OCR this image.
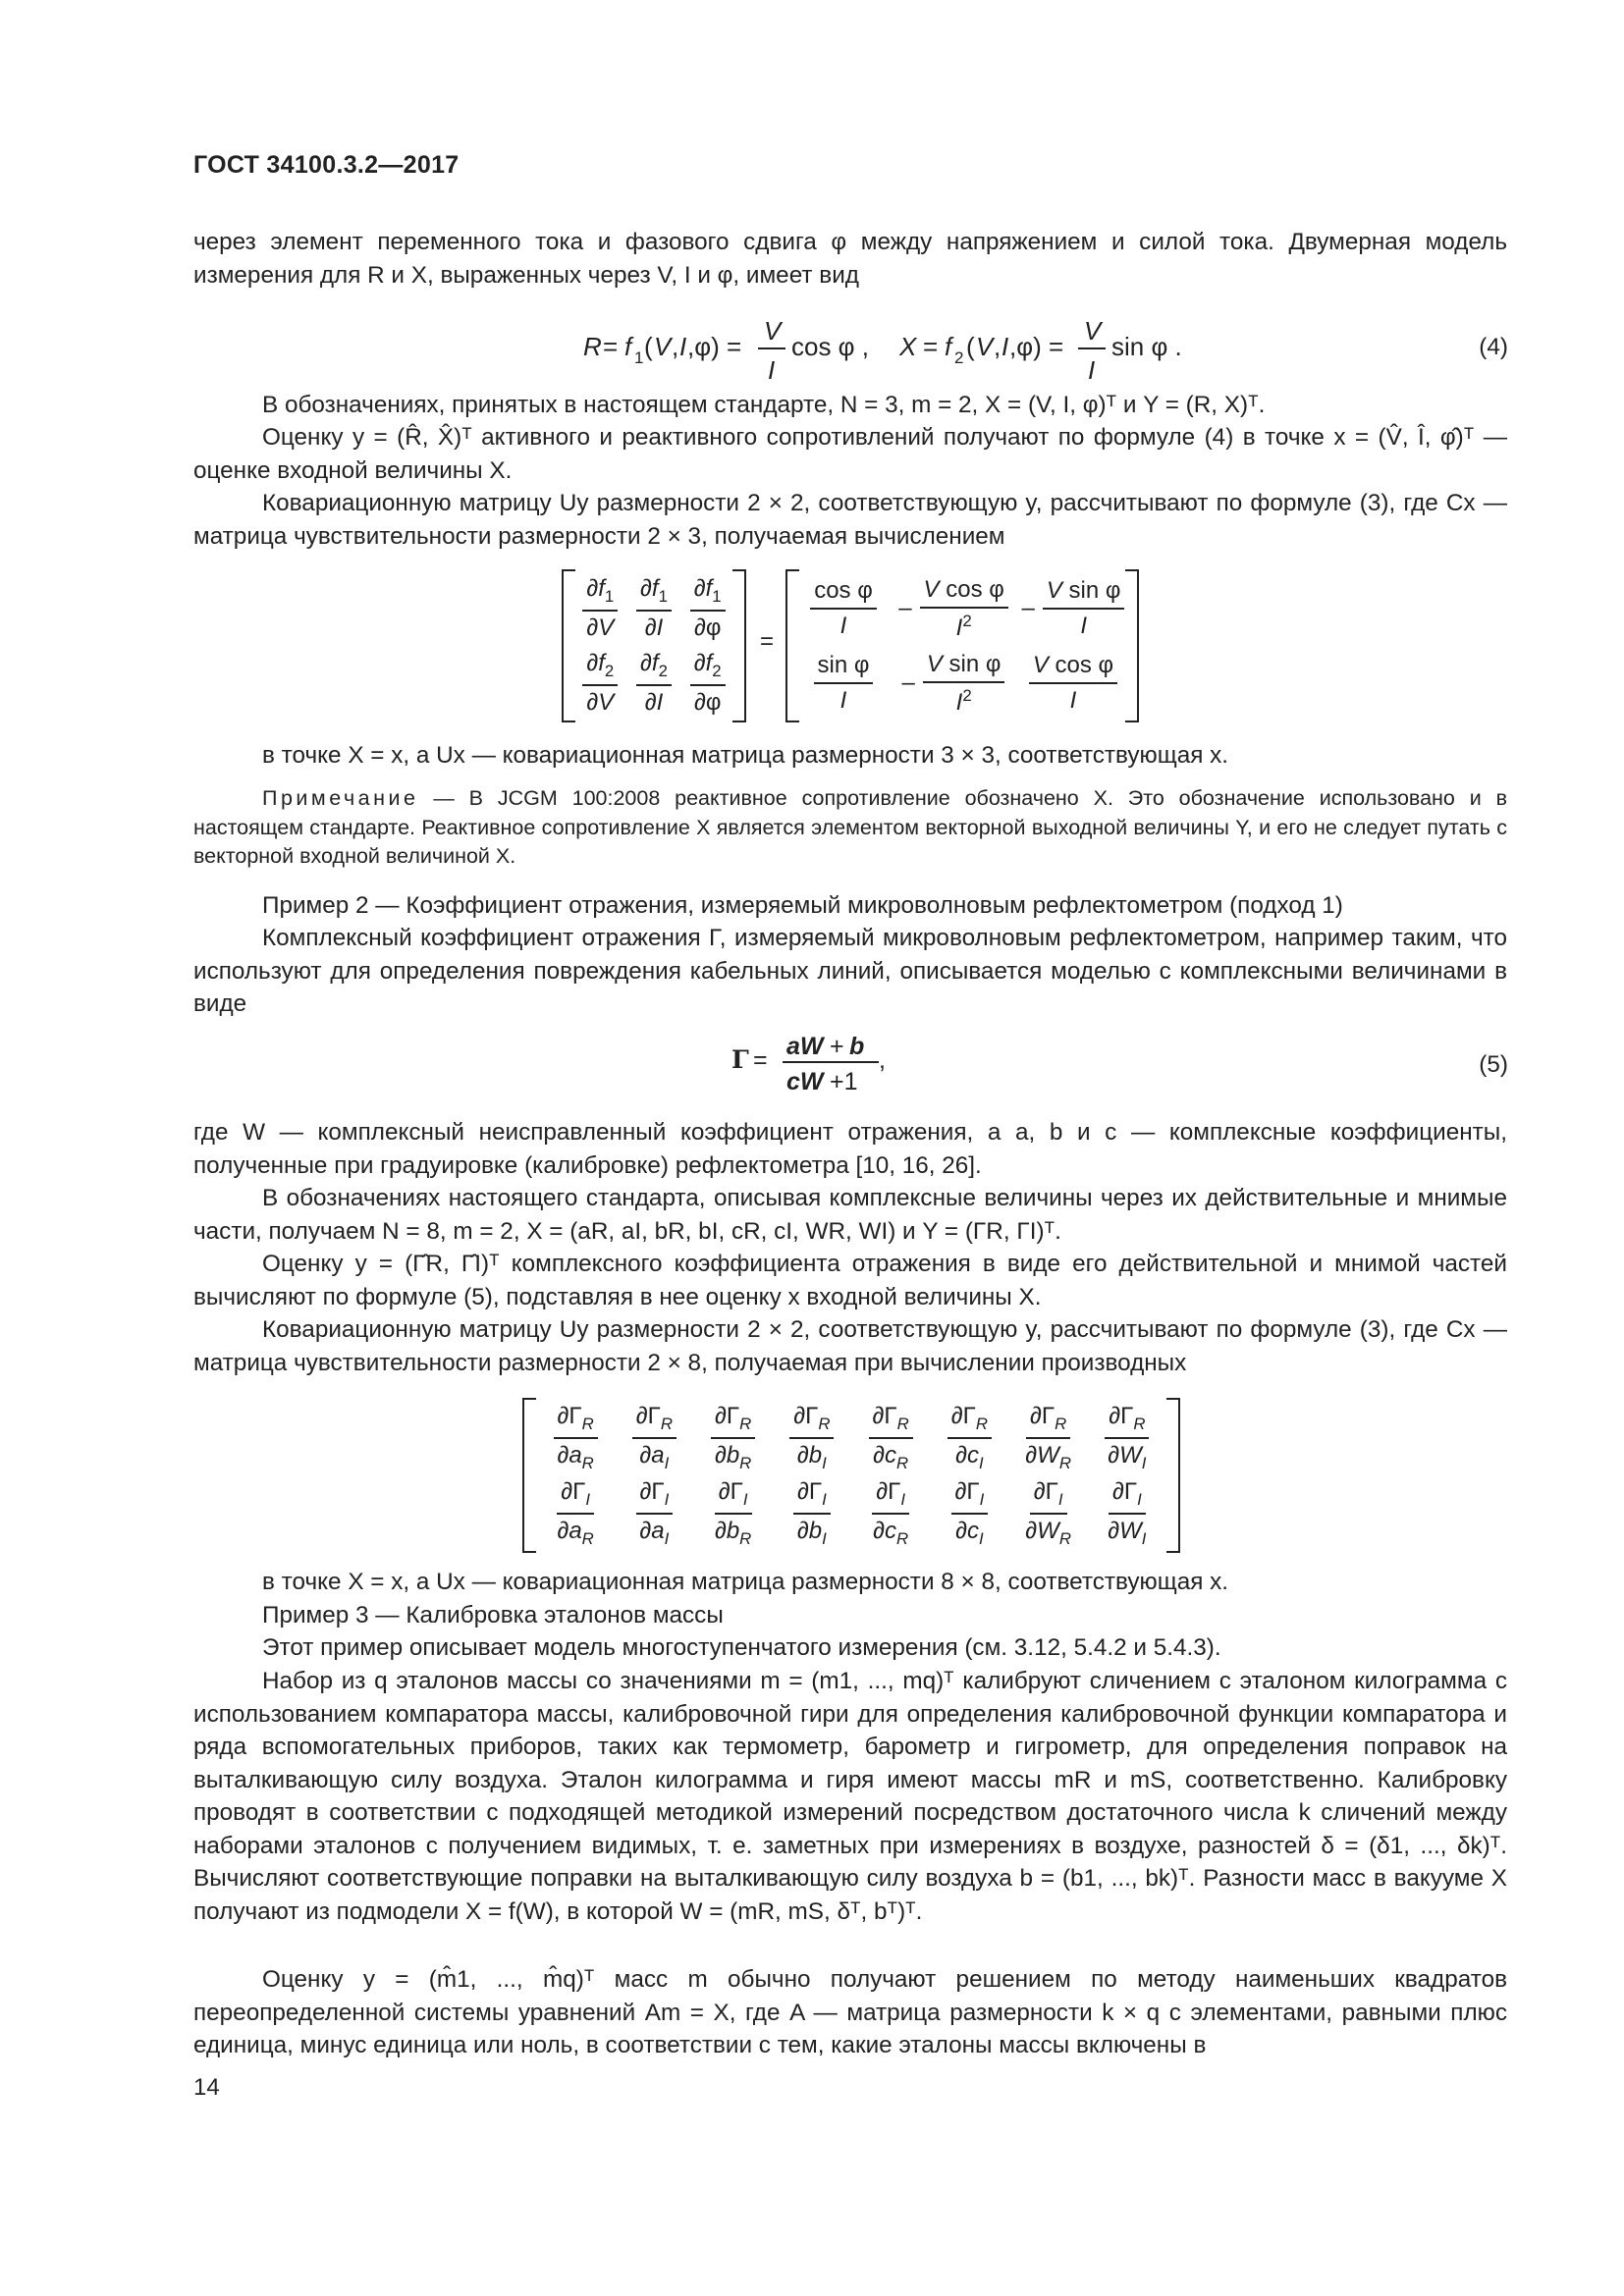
ГОСТ 34100.3.2—2017
через элемент переменного тока и фазового сдвига φ между напряжением и силой тока. Двумерная модель измерения для R и X, выраженных через V, I и φ, имеет вид
R = f 1 ( V , I ,φ) =
V
I
cos φ , X = f 2 ( V , I ,φ) =
V
I
sin φ .	(4)
В обозначениях, принятых в настоящем стандарте, N = 3, m = 2, X = (V, I, φ)ᵀ и Y = (R, X)ᵀ.
Оценку y = (R̂, X̂)ᵀ активного и реактивного сопротивлений получают по формуле (4) в точке x = (V̂, Î, φ̂)ᵀ — оценке входной величины X.
Ковариационную матрицу Uy размерности 2 × 2, соответствующую y, рассчитывают по формуле (3), где Cx — матрица чувствительности размерности 2 × 3, получаемая вычислением
$\frac{\partial f_1}{\partial V} \frac{\partial f_1}{\partial I} \frac{\partial f_1}{\partial\varphi}$
$\frac{\partial f_2}{\partial V} \frac{\partial f_2}{\partial I} \frac{\partial f_2}{\partial\varphi}$
= $\frac{\text{cos φ}}{I} - \frac{\text{V cos φ}}{I^2} - \frac{\text{V sin φ}}{I}$
$\frac{\text{sin φ}}{I} - \frac{\text{V sin φ}}{I^2} \frac{\text{V cos φ}}{I}$
в точке X = x, а Ux — ковариационная матрица размерности 3 × 3, соответствующая x.
Примечание — В JCGM 100:2008 реактивное сопротивление обозначено X. Это обозначение использовано и в настоящем стандарте. Реактивное сопротивление X является элементом векторной выходной величины Y, и его не следует путать с векторной входной величиной X.
Пример 2 — Коэффициент отражения, измеряемый микроволновым рефлектометром (подход 1)
Комплексный коэффициент отражения Γ, измеряемый микроволновым рефлектометром, например таким, что используют для определения повреждения кабельных линий, описывается моделью с комплексными величинами в виде
Γ = aW + b
cW +1
,	(5)
где W — комплексный неисправленный коэффициент отражения, а a, b и c — комплексные коэффициенты, полученные при градуировке (калибровке) рефлектометра [10, 16, 26].
В обозначениях настоящего стандарта, описывая комплексные величины через их действительные и мнимые части, получаем N = 8, m = 2, X = (aR, aI, bR, bI, cR, cI, WR, WI) и Y = (ΓR, ΓI)ᵀ.
Оценку y = (Γ̂R, Γ̂I)ᵀ комплексного коэффициента отражения в виде его действительной и мнимой частей вычисляют по формуле (5), подставляя в нее оценку x входной величины X.
Ковариационную матрицу Uy размерности 2 × 2, соответствующую y, рассчитывают по формуле (3), где Cx — матрица чувствительности размерности 2 × 8, получаемая при вычислении производных
$\frac{\partial\Gamma_R}{\partial a_R} \frac{\partial\Gamma_R}{\partial a_I} \frac{\partial\Gamma_R}{\partial b_R} \frac{\partial\Gamma_R}{\partial b_I} \frac{\partial\Gamma_R}{\partial c_R} \frac{\partial\Gamma_R}{\partial c_I} \frac{\partial\Gamma_R}{\partial W_R} \frac{\partial\Gamma_R}{\partial W_I}$
$\frac{\partial\Gamma_I}{\partial a_R} \frac{\partial\Gamma_I}{\partial a_I} \frac{\partial\Gamma_I}{\partial b_R} \frac{\partial\Gamma_I}{\partial b_I} \frac{\partial\Gamma_I}{\partial c_R} \frac{\partial\Gamma_I}{\partial c_I} \frac{\partial\Gamma_I}{\partial W_R} \frac{\partial\Gamma_I}{\partial W_I}$
в точке X = x, а Ux — ковариационная матрица размерности 8 × 8, соответствующая x.
Пример 3 — Калибровка эталонов массы
Этот пример описывает модель многоступенчатого измерения (см. 3.12, 5.4.2 и 5.4.3).
Набор из q эталонов массы со значениями m = (m1, ..., mq)ᵀ калибруют сличением с эталоном килограмма с использованием компаратора массы, калибровочной гири для определения калибровочной функции компаратора и ряда вспомогательных приборов, таких как термометр, барометр и гигрометр, для определения поправок на выталкивающую силу воздуха. Эталон килограмма и гиря имеют массы mR и mS, соответственно. Калибровку проводят в соответствии с подходящей методикой измерений посредством достаточного числа k сличений между наборами эталонов с получением видимых, т. е. заметных при измерениях в воздухе, разностей δ = (δ1, ..., δk)ᵀ. Вычисляют соответствующие поправки на выталкивающую силу воздуха b = (b1, ..., bk)ᵀ. Разности масс в вакууме X получают из подмодели X = f(W), в которой W = (mR, mS, δᵀ, bᵀ)ᵀ.
Оценку y = (m̂1, ..., m̂q)ᵀ масс m обычно получают решением по методу наименьших квадратов переопределенной системы уравнений Am = X, где A — матрица размерности k × q с элементами, равными плюс единица, минус единица или ноль, в соответствии с тем, какие эталоны массы включены в
14
